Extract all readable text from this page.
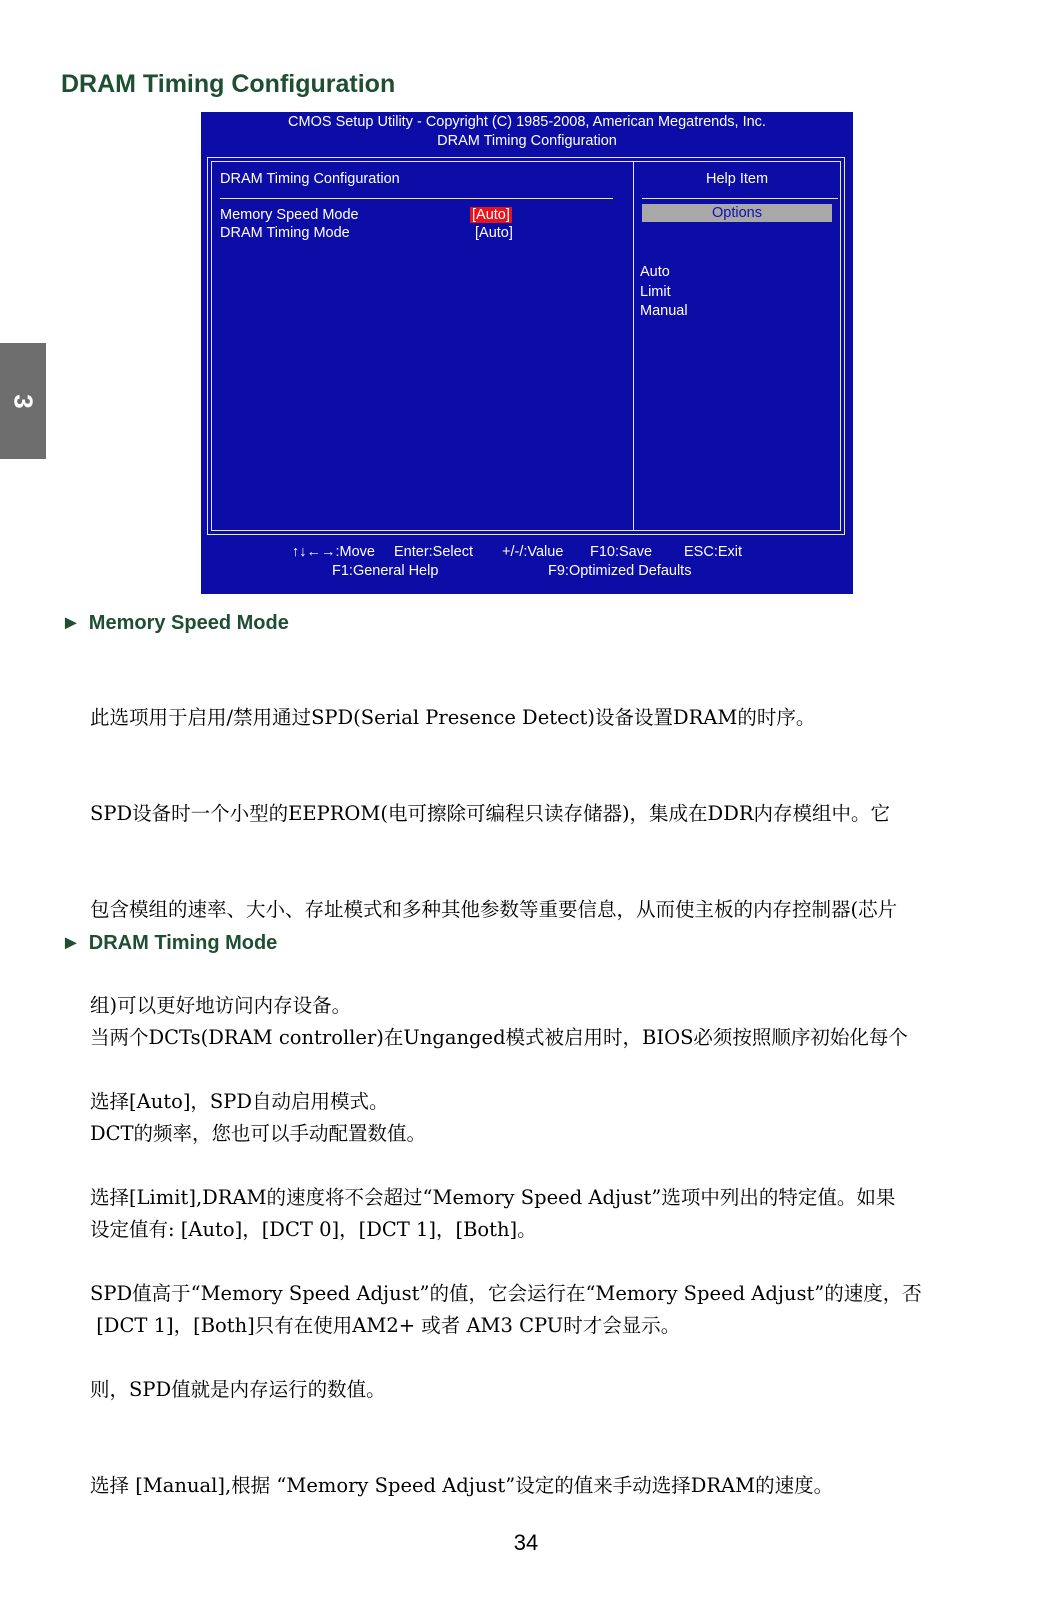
DRAM Timing Configuration
3
CMOS Setup Utility - Copyright (C) 1985-2008, American Megatrends, Inc.
DRAM Timing Configuration
DRAM Timing Configuration
Memory Speed Mode	[Auto]
DRAM Timing Mode	[Auto]
Help Item
Options
Auto
Limit
Manual
↑↓←→:Move Enter:Select +/-/:Value F10:Save ESC:Exit
F1:General Help	F9:Optimized Defaults
► Memory Speed Mode

此选项用于启用/禁用通过SPD(Serial Presence Detect)设备设置DRAM的时序。

SPD设备时一个小型的EEPROM(电可擦除可编程只读存储器)，集成在DDR内存模组中。它

包含模组的速率、大小、存址模式和多种其他参数等重要信息，从而使主板的内存控制器(芯片

组)可以更好地访问内存设备。

选择[Auto]，SPD自动启用模式。

选择[Limit],DRAM的速度将不会超过“Memory Speed Adjust”选项中列出的特定值。如果

SPD值高于“Memory Speed Adjust”的值，它会运行在“Memory Speed Adjust”的速度，否

则，SPD值就是内存运行的数值。

选择 [Manual],根据 “Memory Speed Adjust”设定的值来手动选择DRAM的速度。

► DRAM Timing Mode

当两个DCTs(DRAM controller)在Unganged模式被启用时，BIOS必须按照顺序初始化每个

DCT的频率，您也可以手动配置数值。

设定值有: [Auto]，[DCT 0]，[DCT 1]，[Both]。

[DCT 1]，[Both]只有在使用AM2+ 或者 AM3 CPU时才会显示。

34
